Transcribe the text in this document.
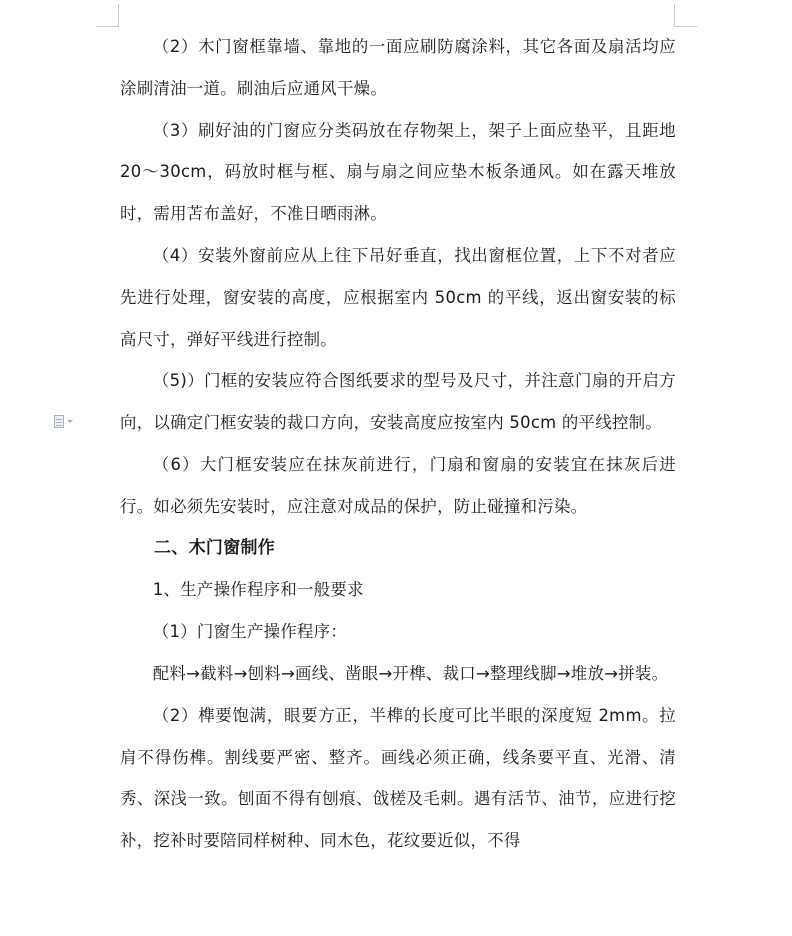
（2）木门窗框靠墙、靠地的一面应刷防腐涂料，其它各面及扇活均应涂刷清油一道。刷油后应通风干燥。

（3）刷好油的门窗应分类码放在存物架上，架子上面应垫平，且距地 20～30cm，码放时框与框、扇与扇之间应垫木板条通风。如在露天堆放时，需用苫布盖好，不准日晒雨淋。

（4）安装外窗前应从上往下吊好垂直，找出窗框位置，上下不对者应先进行处理，窗安装的高度，应根据室内 50cm 的平线，返出窗安装的标高尺寸，弹好平线进行控制。

（5)）门框的安装应符合图纸要求的型号及尺寸，并注意门扇的开启方向，以确定门框安装的裁口方向，安装高度应按室内 50cm 的平线控制。

（6）大门框安装应在抹灰前进行，门扇和窗扇的安装宜在抹灰后进行。如必须先安装时，应注意对成品的保护，防止碰撞和污染。

二、木门窗制作

1、生产操作程序和一般要求

（1）门窗生产操作程序：

配料→截料→刨料→画线、凿眼→开榫、裁口→整理线脚→堆放→拼装。

（2）榫要饱满，眼要方正，半榫的长度可比半眼的深度短 2mm。拉肩不得伤榫。割线要严密、整齐。画线必须正确，线条要平直、光滑、清秀、深浅一致。刨面不得有刨痕、戗槎及毛刺。遇有活节、油节，应进行挖补，挖补时要陪同样树种、同木色，花纹要近似，不得
